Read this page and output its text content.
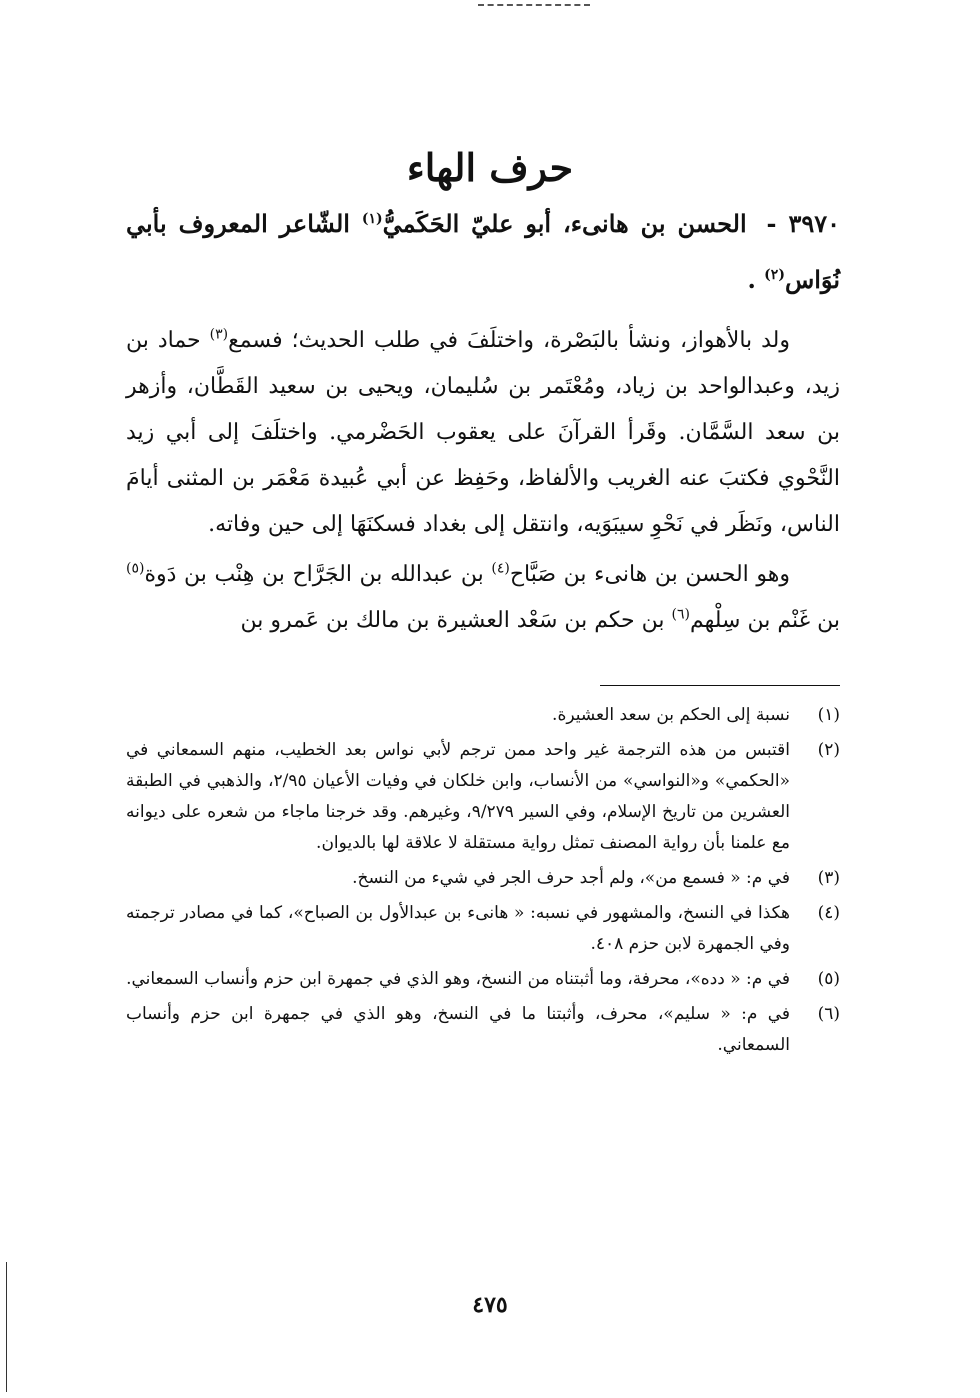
حرف الهاء
٣٩٧٠ - الحسن بن هانىء، أبو عليّ الحَكَميُّ$^{(١)}$ الشّاعر المعروف بأبي نُوَاس$^{(٢)}$ .

ولد بالأهواز، ونشأ بالبَصْرة، واختلَفَ في طلب الحديث؛ فسمع$^{(٣)}$ حماد بن زيد، وعبدالواحد بن زياد، ومُعْتَمر بن سُليمان، ويحيى بن سعيد القَطَّان، وأزهر بن سعد السَّمَّان. وقَرأ القرآنَ على يعقوب الحَضْرمي. واختلَفَ إلى أبي زيد النَّحْوي فكتبَ عنه الغريب والألفاظ، وحَفِظ عن أبي عُبيدة مَعْمَر بن المثنى أيامَ الناس، ونَظَر في نَحْوِ سيبَوَيه، وانتقل إلى بغداد فسكنَهَا إلى حين وفاته.

وهو الحسن بن هانىء بن صَبَّاح$^{(٤)}$ بن عبدالله بن الجَرَّاح بن هِنْب بن دَوة$^{(٥)}$ بن غَنْم بن سِلْهم$^{(٦)}$ بن حكم بن سَعْد العشيرة بن مالك بن عَمرو بن

(١)
نسبة إلى الحكم بن سعد العشيرة.
(٢)
اقتبس من هذه الترجمة غير واحد ممن ترجم لأبي نواس بعد الخطيب، منهم السمعاني في «الحكمي» و«النواسي» من الأنساب، وابن خلكان في وفيات الأعيان ٢/٩٥، والذهبي في الطبقة العشرين من تاريخ الإسلام، وفي السير ٩/٢٧٩، وغيرهم. وقد خرجنا ماجاء من شعره على ديوانه مع علمنا بأن رواية المصنف تمثل رواية مستقلة لا علاقة لها بالديوان.
(٣)
في م: « فسمع من»، ولم أجد حرف الجر في شيء من النسخ.
(٤)
هكذا في النسخ، والمشهور في نسبه: « هانىء بن عبدالأول بن الصباح»، كما في مصادر ترجمته وفي الجمهرة لابن حزم ٤٠٨.
(٥)
في م: « دده»، محرفة، وما أثبتناه من النسخ، وهو الذي في جمهرة ابن حزم وأنساب السمعاني.
(٦)
في م: « سليم»، محرف، وأثبتنا ما في النسخ، وهو الذي في جمهرة ابن حزم وأنساب السمعاني.
٤٧٥
